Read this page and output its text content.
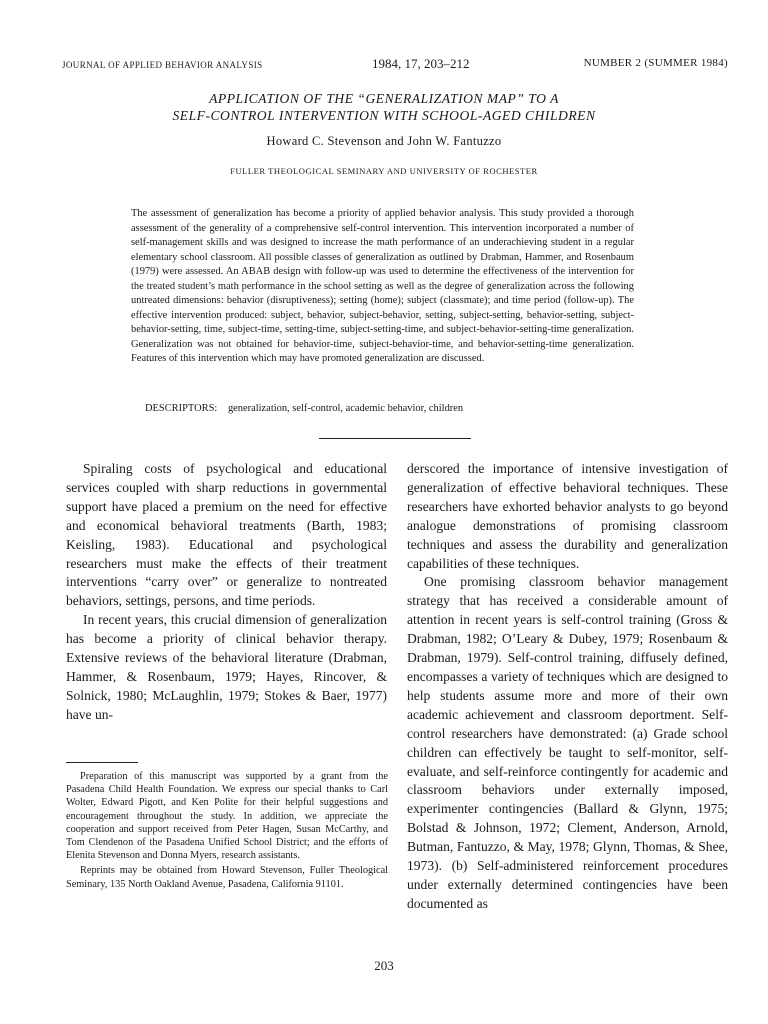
JOURNAL OF APPLIED BEHAVIOR ANALYSIS	1984, 17, 203–212	NUMBER 2 (SUMMER 1984)
APPLICATION OF THE “GENERALIZATION MAP” TO A
SELF-CONTROL INTERVENTION WITH SCHOOL-AGED CHILDREN
Howard C. Stevenson and John W. Fantuzzo
FULLER THEOLOGICAL SEMINARY AND UNIVERSITY OF ROCHESTER

The assessment of generalization has become a priority of applied behavior analysis. This study provided a thorough assessment of the generality of a comprehensive self-control intervention. This intervention incorporated a number of self-management skills and was designed to increase the math performance of an underachieving student in a regular elementary school classroom. All possible classes of generalization as outlined by Drabman, Hammer, and Rosenbaum (1979) were assessed. An ABAB design with follow-up was used to determine the effectiveness of the intervention for the treated student’s math performance in the school setting as well as the degree of generalization across the following untreated dimensions: behavior (disruptiveness); setting (home); subject (classmate); and time period (follow-up). The effective intervention produced: subject, behavior, subject-behavior, setting, subject-setting, behavior-setting, subject-behavior-setting, time, subject-time, setting-time, subject-setting-time, and subject-behavior-setting-time generalization. Generalization was not obtained for behavior-time, subject-behavior-time, and behavior-setting-time generalization. Features of this intervention which may have promoted generalization are discussed.

DESCRIPTORS: generalization, self-control, academic behavior, children

Spiraling costs of psychological and educational services coupled with sharp reductions in governmental support have placed a premium on the need for effective and economical behavioral treatments (Barth, 1983; Keisling, 1983). Educational and psychological researchers must make the effects of their treatment interventions “carry over” or generalize to nontreated behaviors, settings, persons, and time periods.

In recent years, this crucial dimension of generalization has become a priority of clinical behavior therapy. Extensive reviews of the behavioral literature (Drabman, Hammer, & Rosenbaum, 1979; Hayes, Rincover, & Solnick, 1980; McLaughlin, 1979; Stokes & Baer, 1977) have un-

derscored the importance of intensive investigation of generalization of effective behavioral techniques. These researchers have exhorted behavior analysts to go beyond analogue demonstrations of promising classroom techniques and assess the durability and generalization capabilities of these techniques.

One promising classroom behavior management strategy that has received a considerable amount of attention in recent years is self-control training (Gross & Drabman, 1982; O’Leary & Dubey, 1979; Rosenbaum & Drabman, 1979). Self-control training, diffusely defined, encompasses a variety of techniques which are designed to help students assume more and more of their own academic achievement and classroom deportment. Self-control researchers have demonstrated: (a) Grade school children can effectively be taught to self-monitor, self-evaluate, and self-reinforce contingently for academic and classroom behaviors under externally imposed, experimenter contingencies (Ballard & Glynn, 1975; Bolstad & Johnson, 1972; Clement, Anderson, Arnold, Butman, Fantuzzo, & May, 1978; Glynn, Thomas, & Shee, 1973). (b) Self-administered reinforcement procedures under externally determined contingencies have been documented as

Preparation of this manuscript was supported by a grant from the Pasadena Child Health Foundation. We express our special thanks to Carl Wolter, Edward Pigott, and Ken Polite for their helpful suggestions and encouragement throughout the study. In addition, we appreciate the cooperation and support received from Peter Hagen, Susan McCarthy, and Tom Clendenon of the Pasadena Unified School District; and the efforts of Elenita Stevenson and Donna Myers, research assistants.

Reprints may be obtained from Howard Stevenson, Fuller Theological Seminary, 135 North Oakland Avenue, Pasadena, California 91101.

203
